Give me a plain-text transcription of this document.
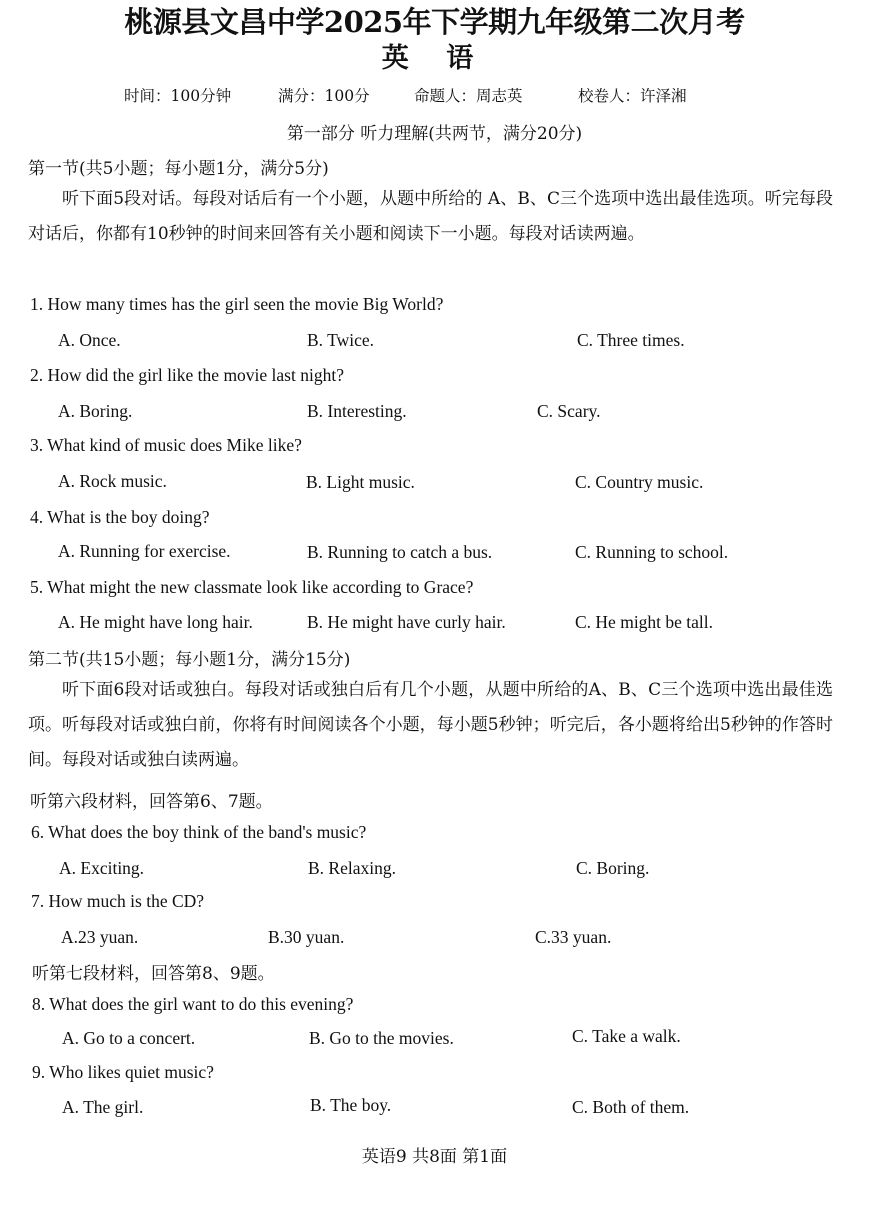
桃源县文昌中学2025年下学期九年级第二次月考
英 语
时间：100分钟	满分：100分	命题人：周志英	校卷人：许泽湘
第一部分 听力理解(共两节，满分20分)
第一节(共5小题；每小题1分，满分5分)
听下面5段对话。每段对话后有一个小题，从题中所给的 A、B、C三个选项中选出最佳选项。听完每段对话后，你都有10秒钟的时间来回答有关小题和阅读下一小题。每段对话读两遍。
1. How many times has the girl seen the movie Big World?
A. Once.	B. Twice.	C. Three times.
2. How did the girl like the movie last night?
A. Boring.	B. Interesting.	C. Scary.
3. What kind of music does Mike like?
A. Rock music.	B. Light music.	C. Country music.
4. What is the boy doing?
A. Running for exercise.	B. Running to catch a bus.	C. Running to school.
5. What might the new classmate look like according to Grace?
A. He might have long hair.	B. He might have curly hair.	C. He might be tall.
第二节(共15小题；每小题1分，满分15分)
听下面6段对话或独白。每段对话或独白后有几个小题，从题中所给的A、B、C三个选项中选出最佳选项。听每段对话或独白前，你将有时间阅读各个小题，每小题5秒钟；听完后，各小题将给出5秒钟的作答时间。每段对话或独白读两遍。
听第六段材料，回答第6、7题。
6. What does the boy think of the band's music?
A. Exciting.	B. Relaxing.	C. Boring.
7. How much is the CD?
A.23 yuan.	B.30 yuan.	C.33 yuan.
听第七段材料，回答第8、9题。
8. What does the girl want to do this evening?
A. Go to a concert.	B. Go to the movies.	C. Take a walk.
9. Who likes quiet music?
A. The girl.	B. The boy.	C. Both of them.
英语9 共8面 第1面
